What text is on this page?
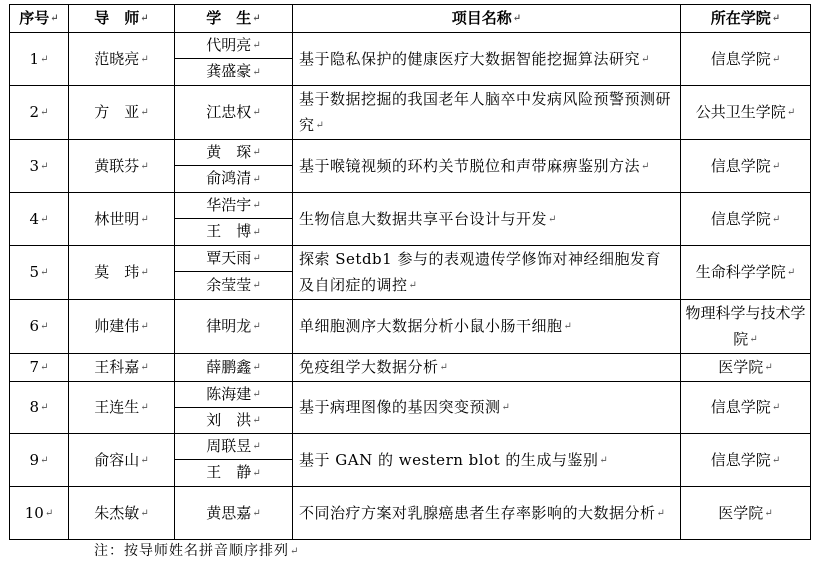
序号 ↵	导　师 ↵	学　生 ↵	项目名称 ↵	所在学院 ↵
1 ↵	范晓亮 ↵	代明亮 ↵	基于隐私保护的健康医疗大数据智能挖掘算法研究 ↵	信息学院 ↵
		龚盛豪 ↵
2 ↵	方　亚 ↵	江忠权 ↵	基于数据挖掘的我国老年人脑卒中发病风险预警预测研究 ↵	公共卫生学院 ↵
3 ↵	黄联芬 ↵	黄　琛 ↵	基于喉镜视频的环杓关节脱位和声带麻痹鉴别方法 ↵	信息学院 ↵
		俞鸿清 ↵
4 ↵	林世明 ↵	华浩宇 ↵	生物信息大数据共享平台设计与开发 ↵	信息学院 ↵
		王　博 ↵
5 ↵	莫　玮 ↵	覃天雨 ↵	探索 Setdb1 参与的表观遗传学修饰对神经细胞发育及自闭症的调控 ↵	生命科学学院 ↵
		余莹莹 ↵
6 ↵	帅建伟 ↵	律明龙 ↵	单细胞测序大数据分析小鼠小肠干细胞 ↵	物理科学与技术学院 ↵
7 ↵	王科嘉 ↵	薛鹏鑫 ↵	免疫组学大数据分析 ↵	医学院 ↵
8 ↵	王连生 ↵	陈海建 ↵	基于病理图像的基因突变预测 ↵	信息学院 ↵
		刘　洪 ↵
9 ↵	俞容山 ↵	周联昱 ↵	基于 GAN 的 western blot 的生成与鉴别 ↵	信息学院 ↵
		王　静 ↵
10 ↵	朱杰敏 ↵	黄思嘉 ↵	不同治疗方案对乳腺癌患者生存率影响的大数据分析 ↵	医学院 ↵
注：按导师姓名拼音顺序排列 ↵
